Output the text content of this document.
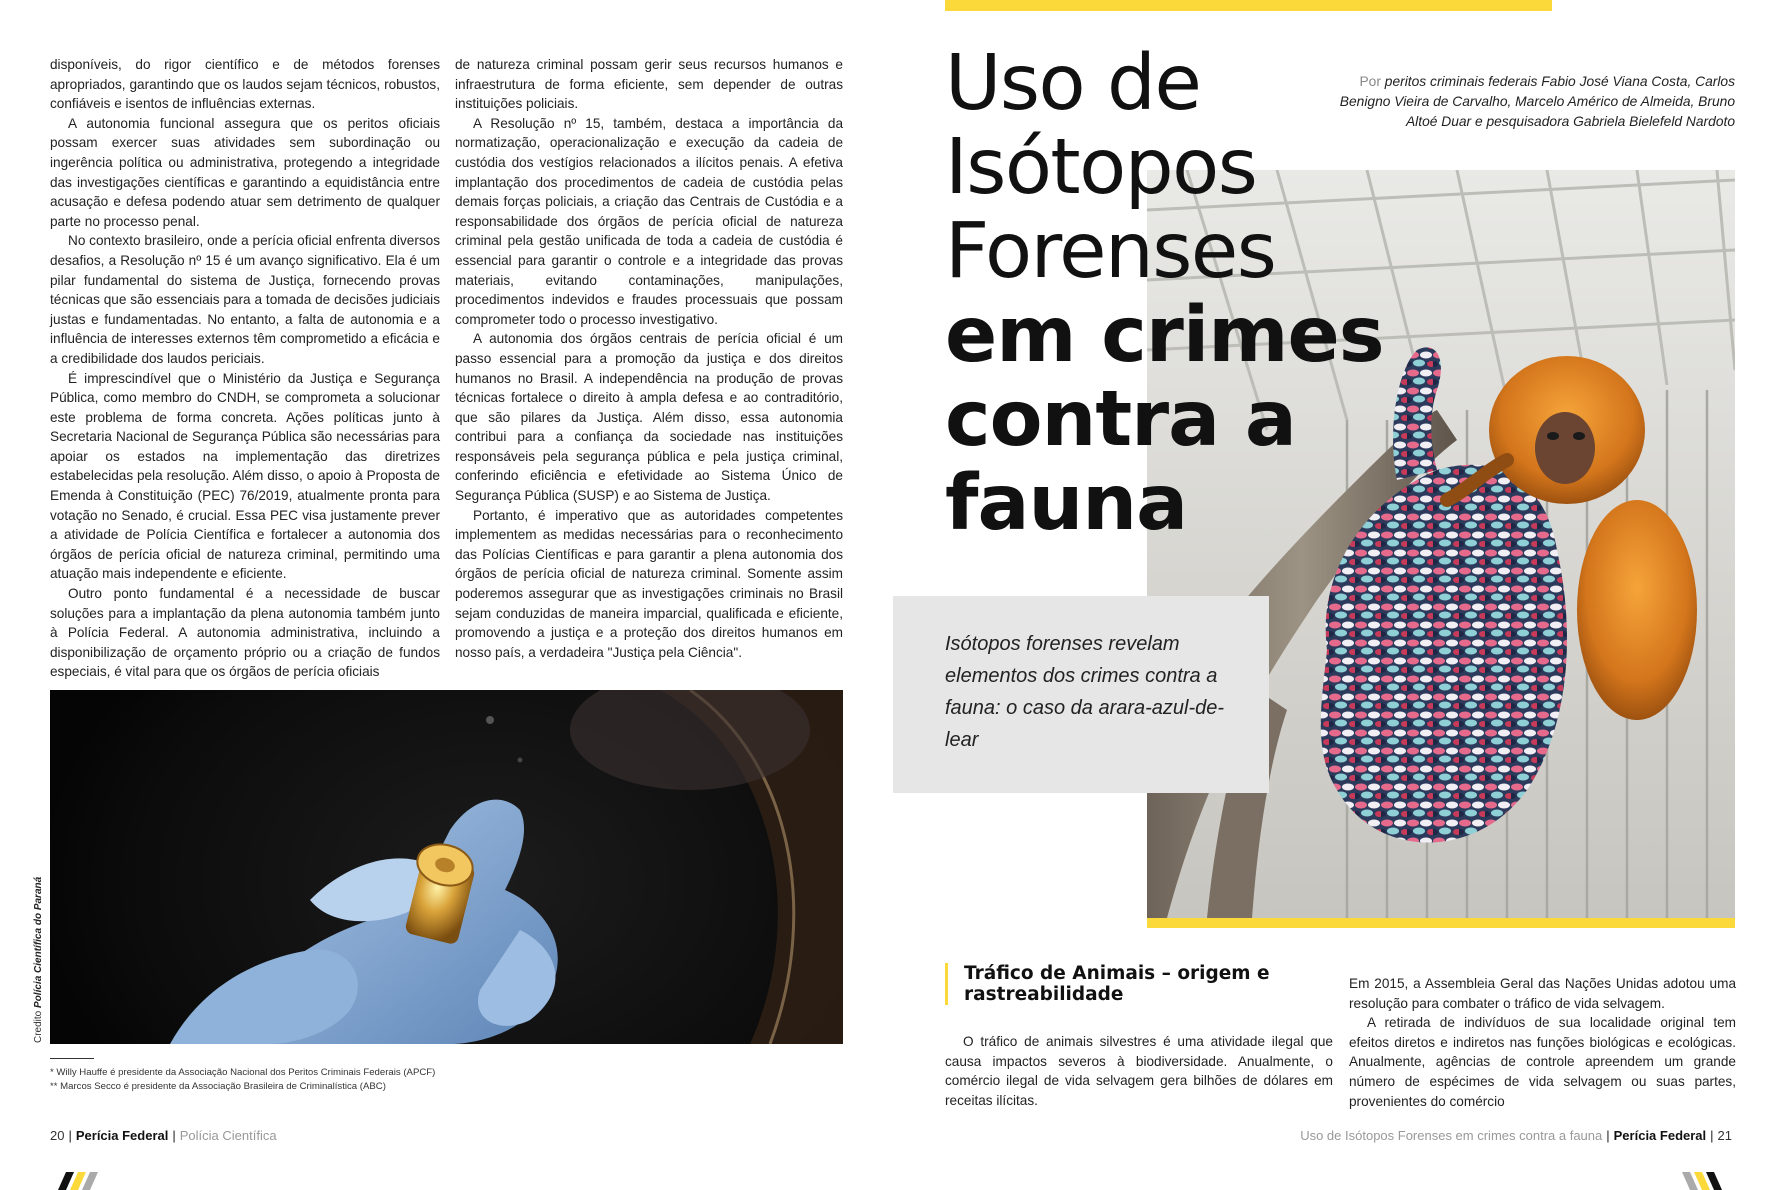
disponíveis, do rigor científico e de métodos forenses apropriados, garantindo que os laudos sejam técnicos, robustos, confiáveis e isentos de influências externas.

A autonomia funcional assegura que os peritos oficiais possam exercer suas atividades sem subordinação ou ingerência política ou administrativa, protegendo a integridade das investigações científicas e garantindo a equidistância entre acusação e defesa podendo atuar sem detrimento de qualquer parte no processo penal.

No contexto brasileiro, onde a perícia oficial enfrenta diversos desafios, a Resolução nº 15 é um avanço significativo. Ela é um pilar fundamental do sistema de Justiça, fornecendo provas técnicas que são essenciais para a tomada de decisões judiciais justas e fundamentadas. No entanto, a falta de autonomia e a influência de interesses externos têm comprometido a eficácia e a credibilidade dos laudos periciais.

É imprescindível que o Ministério da Justiça e Segurança Pública, como membro do CNDH, se comprometa a solucionar este problema de forma concreta. Ações políticas junto à Secretaria Nacional de Segurança Pública são necessárias para apoiar os estados na implementação das diretrizes estabelecidas pela resolução. Além disso, o apoio à Proposta de Emenda à Constituição (PEC) 76/2019, atualmente pronta para votação no Senado, é crucial. Essa PEC visa justamente prever a atividade de Polícia Científica e fortalecer a autonomia dos órgãos de perícia oficial de natureza criminal, permitindo uma atuação mais independente e eficiente.

Outro ponto fundamental é a necessidade de buscar soluções para a implantação da plena autonomia também junto à Polícia Federal. A autonomia administrativa, incluindo a disponibilização de orçamento próprio ou a criação de fundos especiais, é vital para que os órgãos de perícia oficiais

de natureza criminal possam gerir seus recursos humanos e infraestrutura de forma eficiente, sem depender de outras instituições policiais.

A Resolução nº 15, também, destaca a importância da normatização, operacionalização e execução da cadeia de custódia dos vestígios relacionados a ilícitos penais. A efetiva implantação dos procedimentos de cadeia de custódia pelas demais forças policiais, a criação das Centrais de Custódia e a responsabilidade dos órgãos de perícia oficial de natureza criminal pela gestão unificada de toda a cadeia de custódia é essencial para garantir o controle e a integridade das provas materiais, evitando contaminações, manipulações, procedimentos indevidos e fraudes processuais que possam comprometer todo o processo investigativo.

A autonomia dos órgãos centrais de perícia oficial é um passo essencial para a promoção da justiça e dos direitos humanos no Brasil. A independência na produção de provas técnicas fortalece o direito à ampla defesa e ao contraditório, que são pilares da Justiça. Além disso, essa autonomia contribui para a confiança da sociedade nas instituições responsáveis pela segurança pública e pela justiça criminal, conferindo eficiência e efetividade ao Sistema Único de Segurança Pública (SUSP) e ao Sistema de Justiça.

Portanto, é imperativo que as autoridades competentes implementem as medidas necessárias para o reconhecimento das Polícias Científicas e para garantir a plena autonomia dos órgãos de perícia oficial de natureza criminal. Somente assim poderemos assegurar que as investigações criminais no Brasil sejam conduzidas de maneira imparcial, qualificada e eficiente, promovendo a justiça e a proteção dos direitos humanos em nosso país, a verdadeira "Justiça pela Ciência".

Credito Polícia Científica do Paraná
* Willy Hauffe é presidente da Associação Nacional dos Peritos Criminais Federais (APCF)
** Marcos Secco é presidente da Associação Brasileira de Criminalística (ABC)
20 | Perícia Federal | Polícia Científica
Uso de
Isótopos
Forenses
em crimes
contra a
fauna
Por peritos criminais federais Fabio José Viana Costa, Carlos Benigno Vieira de Carvalho, Marcelo Américo de Almeida, Bruno Altoé Duar e pesquisadora Gabriela Bielefeld Nardoto
Isótopos forenses revelam elementos dos crimes contra a fauna: o caso da arara-azul-de-lear
Tráfico de Animais – origem e rastreabilidade

O tráfico de animais silvestres é uma atividade ilegal que causa impactos severos à biodiversidade. Anualmente, o comércio ilegal de vida selvagem gera bilhões de dólares em receitas ilícitas.

Em 2015, a Assembleia Geral das Nações Unidas adotou uma resolução para combater o tráfico de vida selvagem.

A retirada de indivíduos de sua localidade original tem efeitos diretos e indiretos nas funções biológicas e ecológicas. Anualmente, agências de controle apreendem um grande número de espécimes de vida selvagem ou suas partes, provenientes do comércio

Uso de Isótopos Forenses em crimes contra a fauna | Perícia Federal | 21
